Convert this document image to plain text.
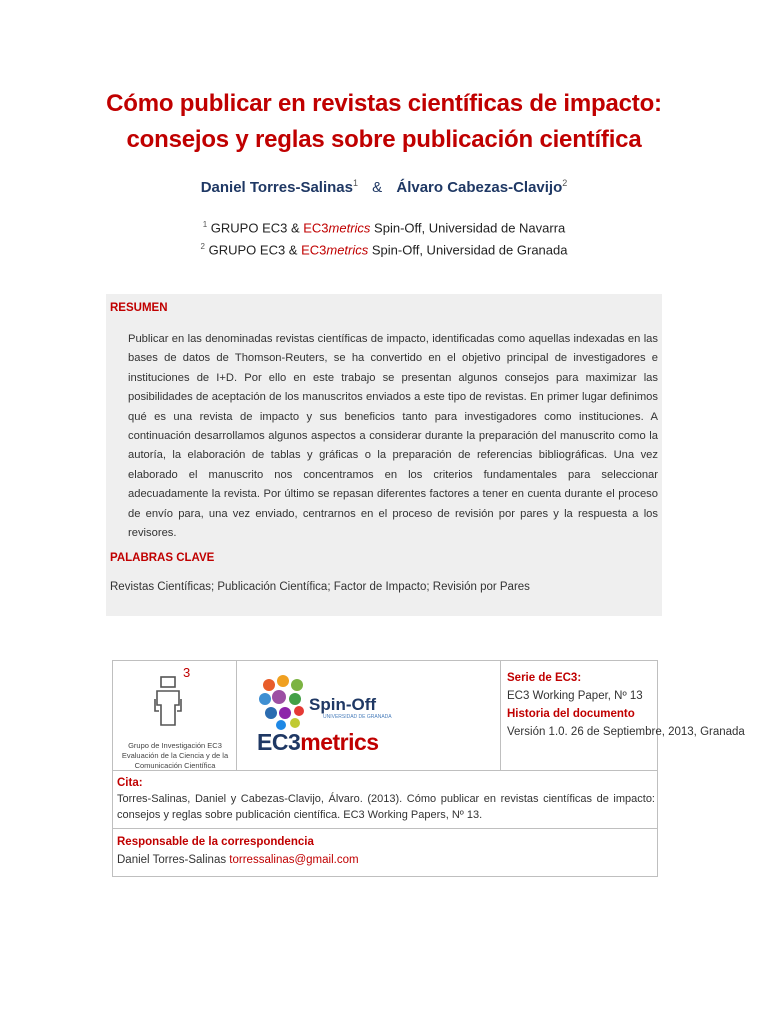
Cómo publicar en revistas científicas de impacto:
consejos y reglas sobre publicación científica
Daniel Torres-Salinas$^1$ & Álvaro Cabezas-Clavijo$^2$
$^1$ GRUPO EC3 & EC3metrics Spin-Off, Universidad de Navarra
$^2$ GRUPO EC3 & EC3metrics Spin-Off, Universidad de Granada
RESUMEN
Publicar en las denominadas revistas científicas de impacto, identificadas como aquellas indexadas en las bases de datos de Thomson-Reuters, se ha convertido en el objetivo principal de investigadores e instituciones de I+D. Por ello en este trabajo se presentan algunos consejos para maximizar las posibilidades de aceptación de los manuscritos enviados a este tipo de revistas. En primer lugar definimos qué es una revista de impacto y sus beneficios tanto para investigadores como instituciones. A continuación desarrollamos algunos aspectos a considerar durante la preparación del manuscrito como la autoría, la elaboración de tablas y gráficas o la preparación de referencias bibliográficas. Una vez elaborado el manuscrito nos concentramos en los criterios fundamentales para seleccionar adecuadamente la revista. Por último se repasan diferentes factores a tener en cuenta durante el proceso de envío para, una vez enviado, centrarnos en el proceso de revisión por pares y la respuesta a los revisores.
PALABRAS CLAVE
Revistas Científicas; Publicación Científica; Factor de Impacto; Revisión por Pares
3
Grupo de Investigación EC3 Evaluación de la Ciencia y de la Comunicación Científica
Spin-Off
UNIVERSIDAD DE GRANADA
EC3metrics
Serie de EC3:
EC3 Working Paper, Nº 13
Historia del documento
Versión 1.0. 26 de Septiembre, 2013, Granada
Cita:
Torres-Salinas, Daniel y Cabezas-Clavijo, Álvaro. (2013). Cómo publicar en revistas científicas de impacto: consejos y reglas sobre publicación científica. EC3 Working Papers, Nº 13.
Responsable de la correspondencia
Daniel Torres-Salinas torressalinas@gmail.com
